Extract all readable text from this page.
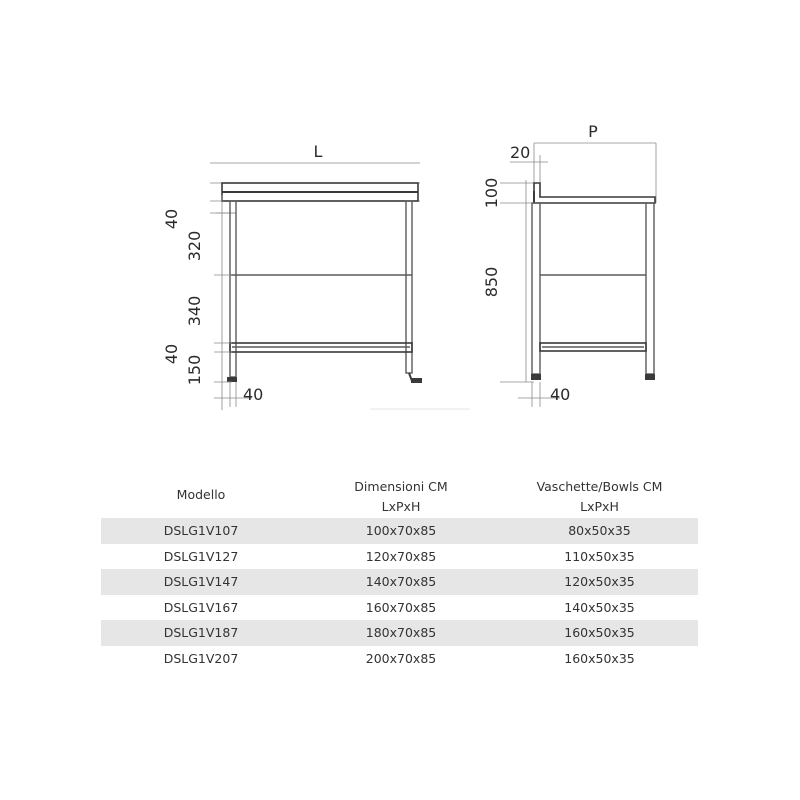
L
40
320
340
40
150
40
P
20
100
850
40
Modello	Dimensioni CM	Vaschette/Bowls CM
	LxPxH	LxPxH
DSLG1V107	100x70x85	80x50x35
DSLG1V127	120x70x85	110x50x35
DSLG1V147	140x70x85	120x50x35
DSLG1V167	160x70x85	140x50x35
DSLG1V187	180x70x85	160x50x35
DSLG1V207	200x70x85	160x50x35
